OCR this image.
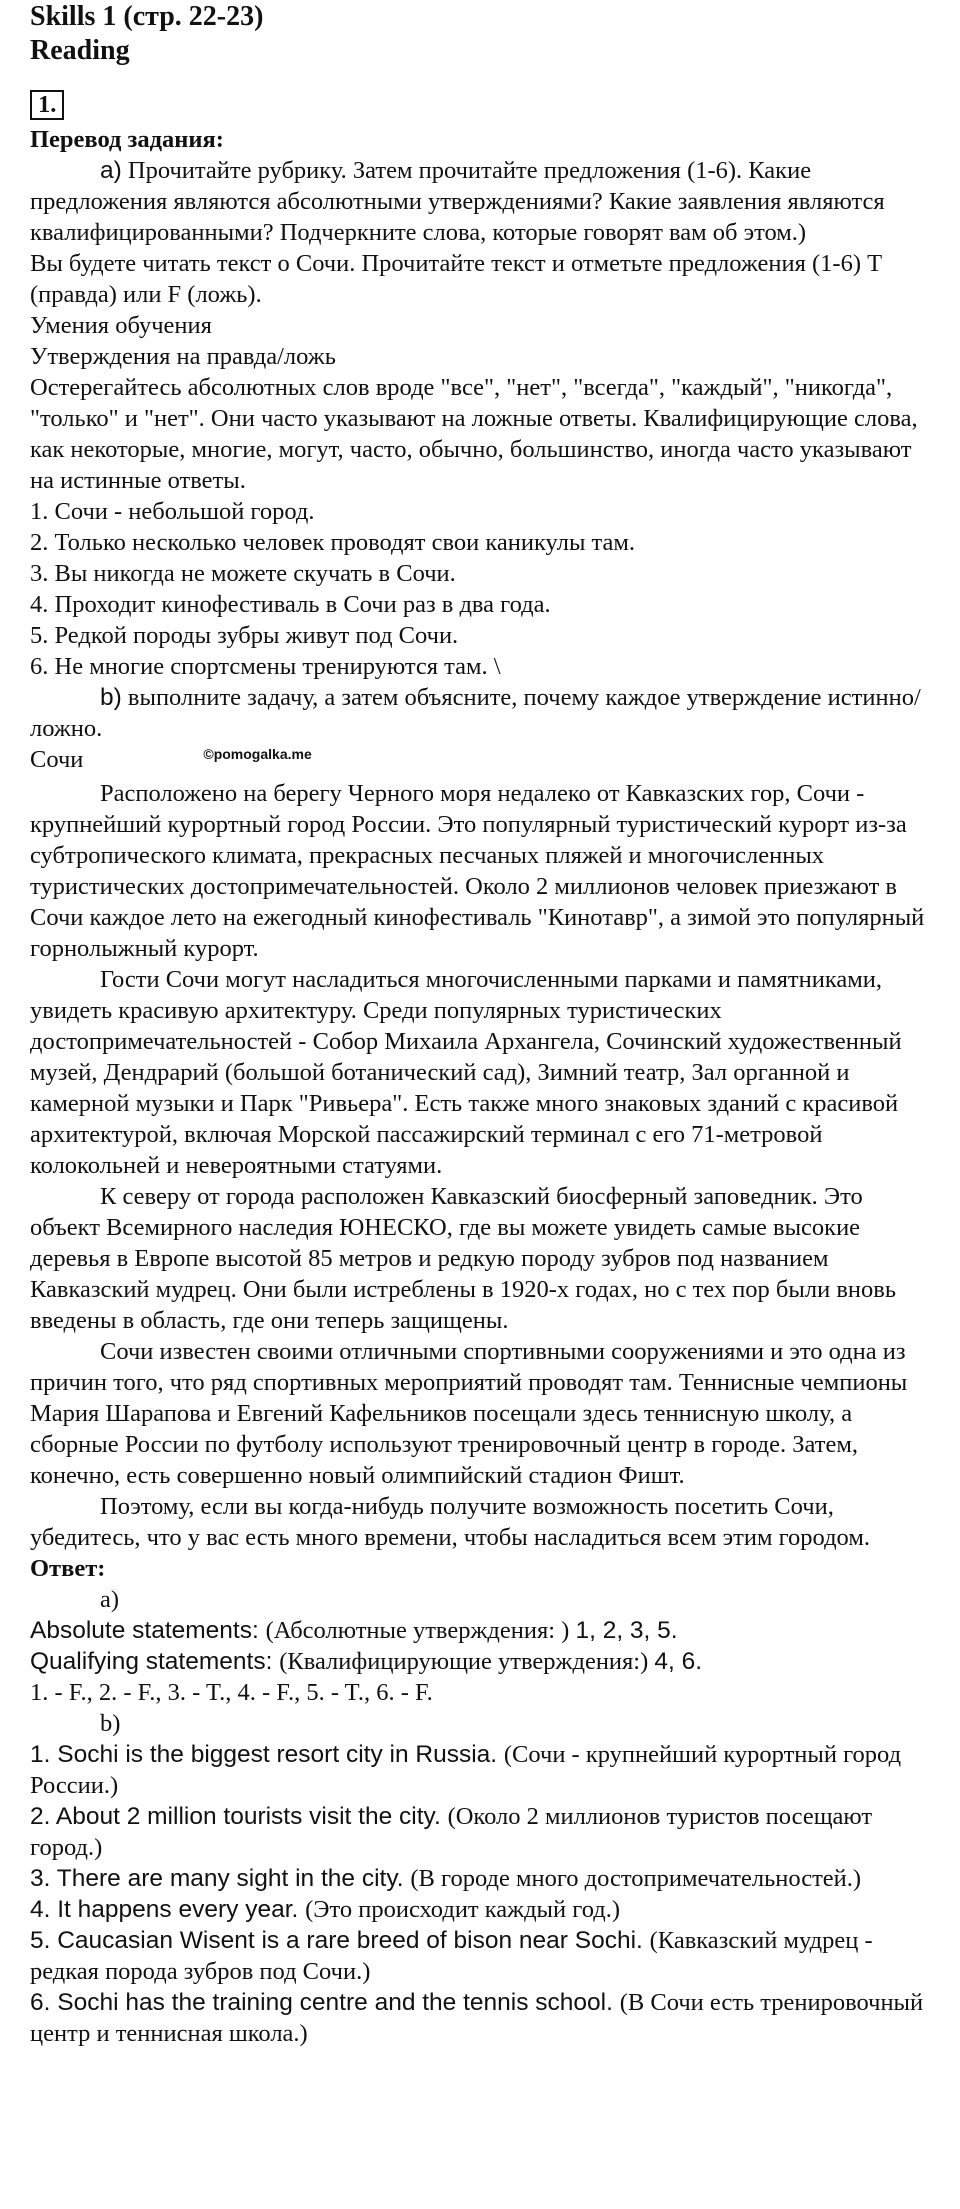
Skills 1 (стр. 22-23)
Reading
1.
Перевод задания:

а) Прочитайте рубрику. Затем прочитайте предложения (1-6). Какие предложения являются абсолютными утверждениями? Какие заявления являются квалифицированными? Подчеркните слова, которые говорят вам об этом.)

Вы будете читать текст о Сочи. Прочитайте текст и отметьте предложения (1-6) T (правда) или F (ложь).

Умения обучения

Утверждения на правда/ложь

Остерегайтесь абсолютных слов вроде "все", "нет", "всегда", "каждый", "никогда", "только" и "нет". Они часто указывают на ложные ответы. Квалифицирующие слова, как некоторые, многие, могут, часто, обычно, большинство, иногда часто указывают на истинные ответы.

1. Сочи - небольшой город.

2. Только несколько человек проводят свои каникулы там.

3. Вы никогда не можете скучать в Сочи.

4. Проходит кинофестиваль в Сочи раз в два года.

5. Редкой породы зубры живут под Сочи.

6. Не многие спортсмены тренируются там. \

b) выполните задачу, а затем объясните, почему каждое утверждение истинно/ложно.

Сочи	$^{©pomogalka.me}$

Расположено на берегу Черного моря недалеко от Кавказских гор, Сочи - крупнейший курортный город России. Это популярный туристический курорт из-за субтропического климата, прекрасных песчаных пляжей и многочисленных туристических достопримечательностей. Около 2 миллионов человек приезжают в Сочи каждое лето на ежегодный кинофестиваль "Кинотавр", а зимой это популярный горнолыжный курорт.

Гости Сочи могут насладиться многочисленными парками и памятниками, увидеть красивую архитектуру. Среди популярных туристических достопримечательностей - Собор Михаила Архангела, Сочинский художественный музей, Дендрарий (большой ботанический сад), Зимний театр, Зал органной и камерной музыки и Парк "Ривьера". Есть также много знаковых зданий с красивой архитектурой, включая Морской пассажирский терминал с его 71-метровой колокольней и невероятными статуями.

К северу от города расположен Кавказский биосферный заповедник. Это объект Всемирного наследия ЮНЕСКО, где вы можете увидеть самые высокие деревья в Европе высотой 85 метров и редкую породу зубров под названием Кавказский мудрец. Они были истреблены в 1920-х годах, но с тех пор были вновь введены в область, где они теперь защищены.

Сочи известен своими отличными спортивными сооружениями и это одна из причин того, что ряд спортивных мероприятий проводят там. Теннисные чемпионы Мария Шарапова и Евгений Кафельников посещали здесь теннисную школу, а сборные России по футболу используют тренировочный центр в городе. Затем, конечно, есть совершенно новый олимпийский стадион Фишт.

Поэтому, если вы когда-нибудь получите возможность посетить Сочи, убедитесь, что у вас есть много времени, чтобы насладиться всем этим городом.

Ответ:

а)

Absolute statements: (Абсолютные утверждения: ) 1, 2, 3, 5.

Qualifying statements: (Квалифицирующие утверждения:) 4, 6.

1. - F., 2. - F., 3. - T., 4. - F., 5. - T., 6. - F.

b)

1. Sochi is the biggest resort city in Russia. (Сочи - крупнейший курортный город России.)

2. About 2 million tourists visit the city. (Около 2 миллионов туристов посещают город.)

3. There are many sight in the city. (В городе много достопримечательностей.)

4. It happens every year. (Это происходит каждый год.)

5. Caucasian Wisent is a rare breed of bison near Sochi. (Кавказский мудрец - редкая порода зубров под Сочи.)

6. Sochi has the training centre and the tennis school. (В Сочи есть тренировочный центр и теннисная школа.)
